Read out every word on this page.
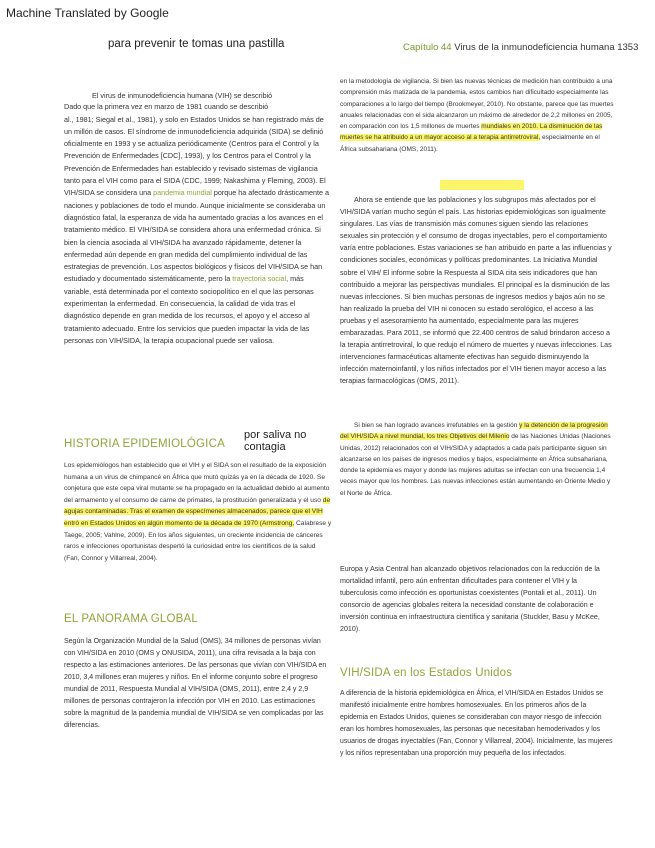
Machine Translated by Google
para prevenir te tomas una pastilla	Capítulo 44 Virus de la inmunodeficiencia humana 1353

El virus de inmunodeficiencia humana (VIH) se describió

Dado que la primera vez en marzo de 1981 cuando se describió

al., 1981; Siegal et al., 1981), y solo en Estados Unidos se han registrado más de un millón de casos. El síndrome de inmunodeficiencia adquirida (SIDA) se definió oficialmente en 1993 y se actualiza periódicamente (Centros para el Control y la Prevención de Enfermedades [CDC], 1993), y los Centros para el Control y la Prevención de Enfermedades han establecido y revisado sistemas de vigilancia tanto para el VIH como para el SIDA (CDC, 1999; Nakashima y Fleming, 2003). El VIH/SIDA se considera una pandemia mundial porque ha afectado drásticamente a naciones y poblaciones de todo el mundo. Aunque inicialmente se consideraba un diagnóstico fatal, la esperanza de vida ha aumentado gracias a los avances en el tratamiento médico. El VIH/SIDA se considera ahora una enfermedad crónica. Si bien la ciencia asociada al VIH/SIDA ha avanzado rápidamente, detener la enfermedad aún depende en gran medida del cumplimiento individual de las estrategias de prevención. Los aspectos biológicos y físicos del VIH/SIDA se han estudiado y documentado sistemáticamente, pero la trayectoria social, más variable, está determinada por el contexto sociopolítico en el que las personas experimentan la enfermedad. En consecuencia, la calidad de vida tras el diagnóstico depende en gran medida de los recursos, el apoyo y el acceso al tratamiento adecuado. Entre los servicios que pueden impactar la vida de las personas con VIH/SIDA, la terapia ocupacional puede ser valiosa.

por saliva no contagia
HISTORIA EPIDEMIOLÓGICA
Los epidemiólogos han establecido que el VIH y el SIDA son el resultado de la exposición humana a un virus de chimpancé en África que mutó quizás ya en la década de 1920. Se conjetura que este cepa viral mutante se ha propagado en la actualidad debido al aumento del armamento y el consumo de carne de primates, la prostitución generalizada y el uso de agujas contaminadas. Tras el examen de especímenes almacenados, parece que el VIH entró en Estados Unidos en algún momento de la década de 1970 (Armstrong, Calabrese y Taege, 2005; Vahlne, 2009). En los años siguientes, un creciente incidencia de cánceres raros e infecciones oportunistas despertó la curiosidad entre los científicos de la salud (Fan, Connor y Villarreal, 2004).
EL PANORAMA GLOBAL
Según la Organización Mundial de la Salud (OMS), 34 millones de personas vivían con VIH/SIDA en 2010 (OMS y ONUSIDA, 2011), una cifra revisada a la baja con respecto a las estimaciones anteriores. De las personas que vivían con VIH/SIDA en 2010, 3,4 millones eran mujeres y niños. En el informe conjunto sobre el progreso mundial de 2011, Respuesta Mundial al VIH/SIDA (OMS, 2011), entre 2,4 y 2,9 millones de personas contrajeron la infección por VIH en 2010. Las estimaciones sobre la magnitud de la pandemia mundial de VIH/SIDA se ven complicadas por las diferencias.
en la metodología de vigilancia. Si bien las nuevas técnicas de medición han contribuido a una comprensión más matizada de la pandemia, estos cambios han dificultado especialmente las comparaciones a lo largo del tiempo (Brookmeyer, 2010). No obstante, parece que las muertes anuales relacionadas con el sida alcanzaron un máximo de alrededor de 2,2 millones en 2005, en comparación con los 1,5 millones de muertes mundiales en 2010. La disminución de las muertes se ha atribuido a un mayor acceso al a terapia antirretroviral, especialmente en el África subsahariana (OMS, 2011).
Ahora se entiende que las poblaciones y los subgrupos más afectados por el VIH/SIDA varían mucho según el país. Las historias epidemiológicas son igualmente singulares. Las vías de transmisión más comunes siguen siendo las relaciones sexuales sin protección y el consumo de drogas inyectables, pero el comportamiento varía entre poblaciones. Estas variaciones se han atribuido en parte a las influencias y condiciones sociales, económicas y políticas predominantes. La Iniciativa Mundial sobre el VIH/ El informe sobre la Respuesta al SIDA cita seis indicadores que han contribuido a mejorar las perspectivas mundiales. El principal es la disminución de las nuevas infecciones. Si bien muchas personas de ingresos medios y bajos aún no se han realizado la prueba del VIH ni conocen su estado serológico, el acceso a las pruebas y el asesoramiento ha aumentado, especialmente para las mujeres embarazadas. Para 2011, se informó que 22.400 centros de salud brindaron acceso a la terapia antirretroviral, lo que redujo el número de muertes y nuevas infecciones. Las intervenciones farmacéuticas altamente efectivas han seguido disminuyendo la infección maternoinfantil, y los niños infectados por el VIH tienen mayor acceso a las terapias farmacológicas (OMS, 2011).
Si bien se han logrado avances irrefutables en la gestión y la detención de la progresión del VIH/SIDA a nivel mundial, los tres Objetivos del Milenio de las Naciones Unidas (Naciones Unidas, 2012) relacionados con el VIH/SIDA y adaptados a cada país participante siguen sin alcanzarse en los países de ingresos medios y bajos, especialmente en África subsahariana, donde la epidemia es mayor y donde las mujeres adultas se infectan con una frecuencia 1,4 veces mayor que los hombres. Las nuevas infecciones están aumentando en Oriente Medio y el Norte de África.
Europa y Asia Central han alcanzado objetivos relacionados con la reducción de la mortalidad infantil, pero aún enfrentan dificultades para contener el VIH y la tuberculosis como infección es oportunistas coexistentes (Pontali et al., 2011). Un consorcio de agencias globales reitera la necesidad constante de colaboración e inversión continua en infraestructura científica y sanitaria (Stuckler, Basu y McKee, 2010).
VIH/SIDA en los Estados Unidos
A diferencia de la historia epidemiológica en África, el VIH/SIDA en Estados Unidos se manifestó inicialmente entre hombres homosexuales. En los primeros años de la epidemia en Estados Unidos, quienes se consideraban con mayor riesgo de infección eran los hombres homosexuales, las personas que necesitaban hemoderivados y los usuarios de drogas inyectables (Fan, Connor y Villarreal, 2004). Inicialmente, las mujeres y los niños representaban una proporción muy pequeña de los infectados.
